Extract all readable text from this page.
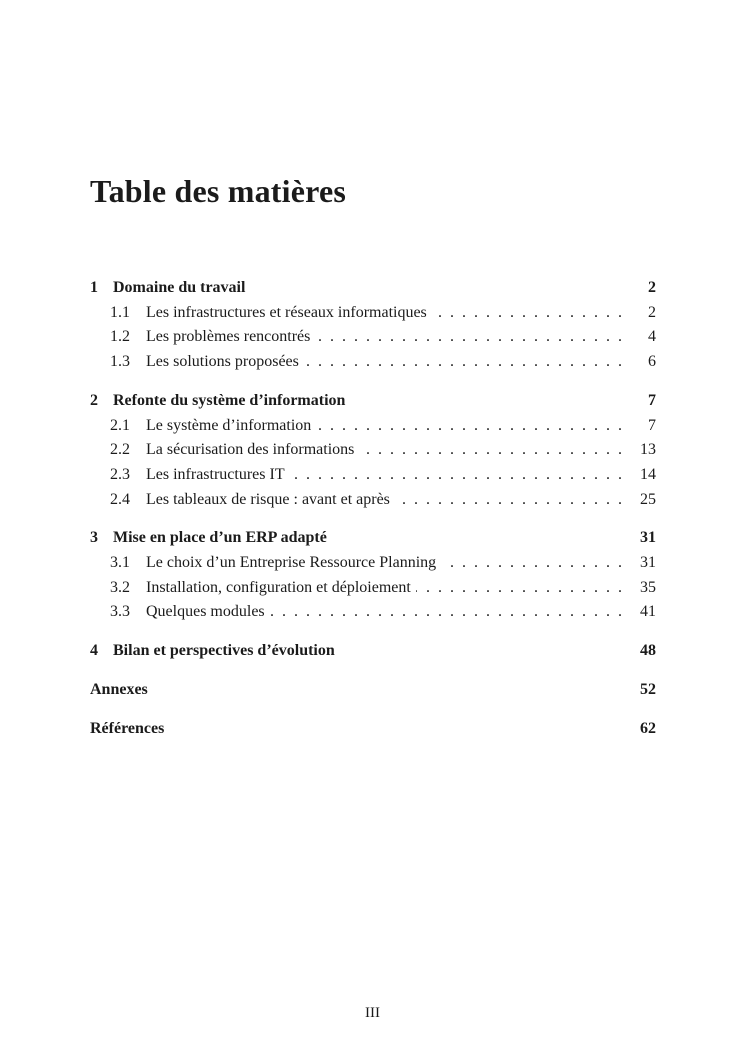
Table des matières
1 Domaine du travail	2
1.1	Les infrastructures et réseaux informatiques . . .	2
1.2	Les problèmes rencontrés . . .	4
1.3	Les solutions proposées . . .	6
2 Refonte du système d’information	7
2.1	Le système d’information . . .	7
2.2	La sécurisation des informations . . .	13
2.3	Les infrastructures IT . . .	14
2.4	Les tableaux de risque : avant et après . . .	25
3 Mise en place d’un ERP adapté	31
3.1	Le choix d’un Entreprise Ressource Planning . . .	31
3.2	Installation, configuration et déploiement . . .	35
3.3	Quelques modules . . .	41
4 Bilan et perspectives d’évolution	48
Annexes	52
Références	62
III
